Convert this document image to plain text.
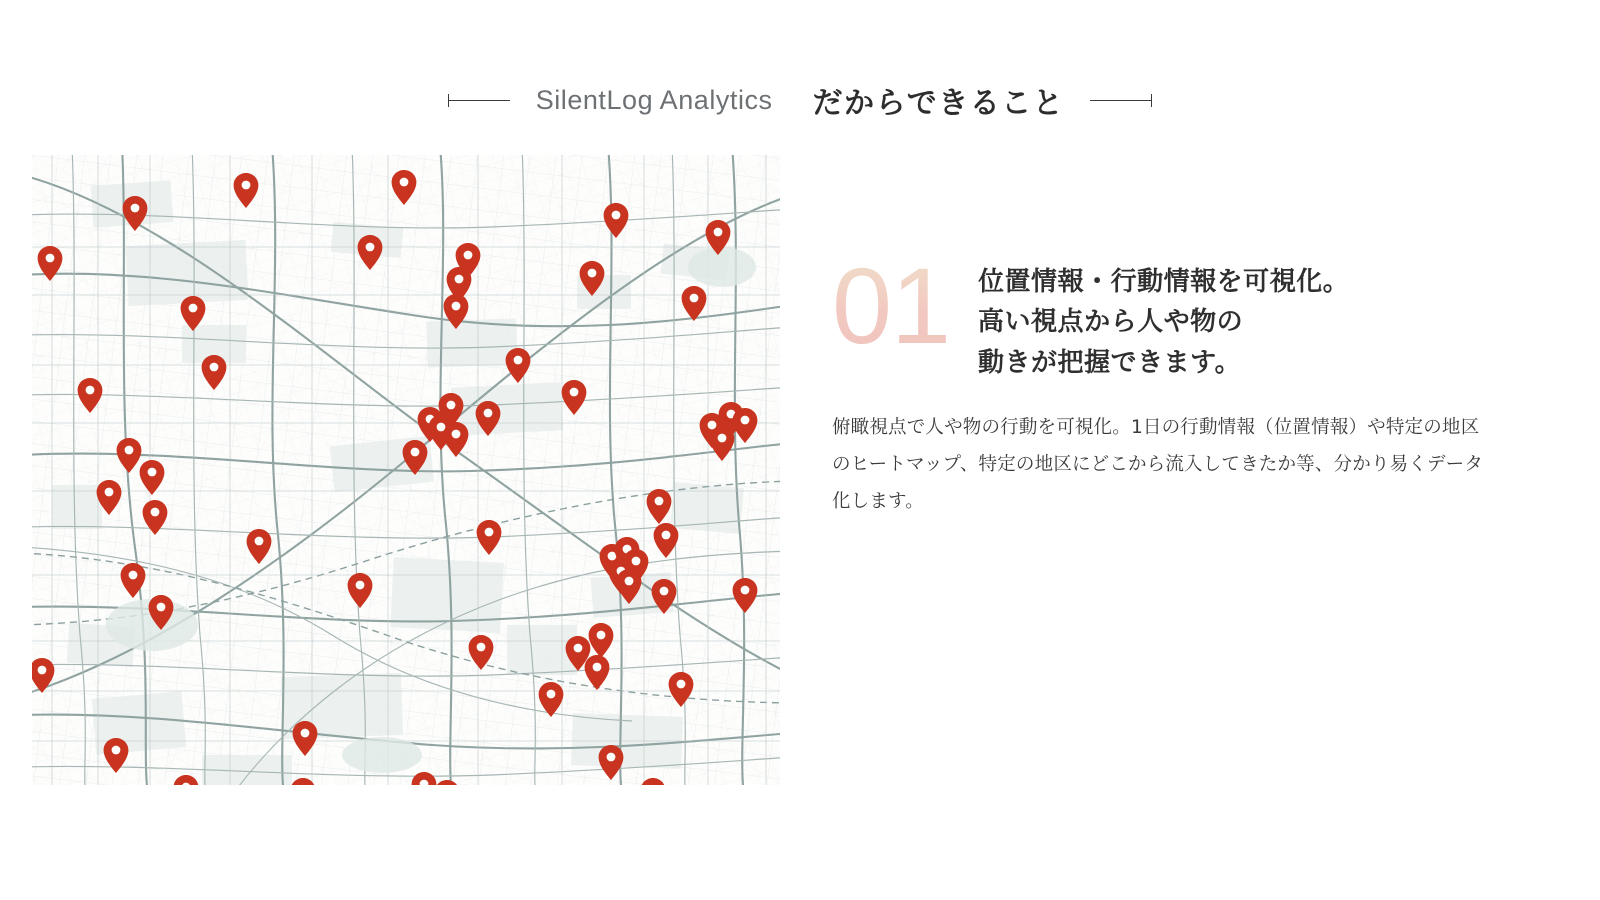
SilentLog Analytics だからできること
01 位置情報・行動情報を可視化。
高い視点から人や物の
動きが把握できます。

俯瞰視点で人や物の行動を可視化。1日の行動情報（位置情報）や特定の地区のヒートマップ、特定の地区にどこから流入してきたか等、分かり易くデータ化します。
